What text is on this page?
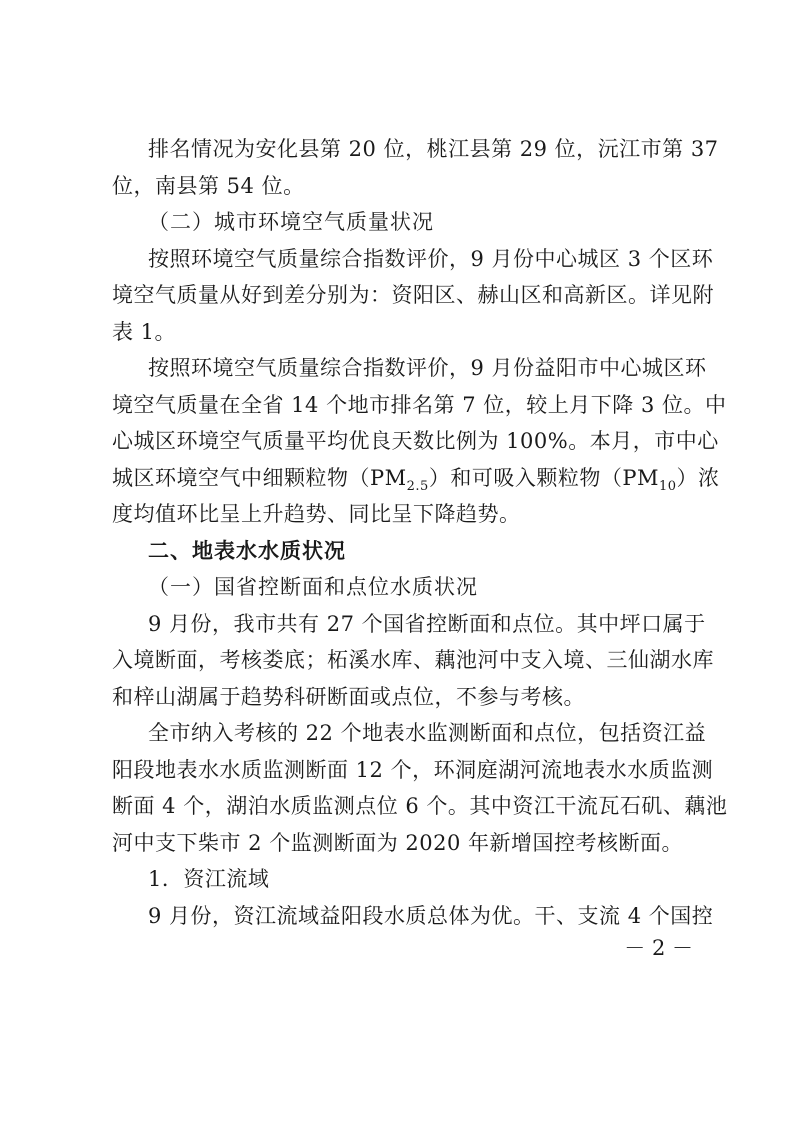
排名情况为安化县第 20 位，桃江县第 29 位，沅江市第 37
位，南县第 54 位。
（二）城市环境空气质量状况
按照环境空气质量综合指数评价，9 月份中心城区 3 个区环
境空气质量从好到差分别为：资阳区、赫山区和高新区。详见附
表 1。
按照环境空气质量综合指数评价，9 月份益阳市中心城区环
境空气质量在全省 14 个地市排名第 7 位，较上月下降 3 位。中
心城区环境空气质量平均优良天数比例为 100%。本月，市中心
城区环境空气中细颗粒物$(PM_{2.5})$和可吸入颗粒物$(PM_{10})$浓
度均值环比呈上升趋势、同比呈下降趋势。
二、地表水水质状况
（一）国省控断面和点位水质状况
9 月份，我市共有 27 个国省控断面和点位。其中坪口属于
入境断面，考核娄底；柘溪水库、藕池河中支入境、三仙湖水库
和梓山湖属于趋势科研断面或点位，不参与考核。
全市纳入考核的 22 个地表水监测断面和点位，包括资江益
阳段地表水水质监测断面 12 个，环洞庭湖河流地表水水质监测
断面 4 个，湖泊水质监测点位 6 个。其中资江干流瓦石矶、藕池
河中支下柴市 2 个监测断面为 2020 年新增国控考核断面。
1．资江流域
9 月份，资江流域益阳段水质总体为优。干、支流 4 个国控
－ 2 －
